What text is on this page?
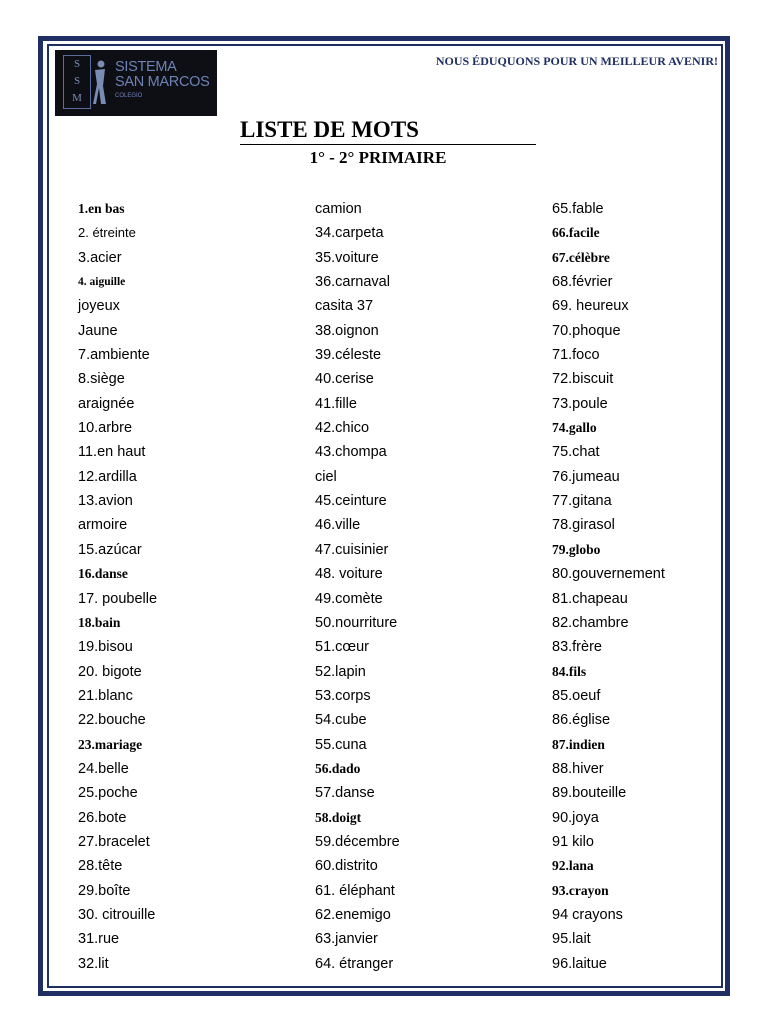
S
S
M
SISTEMA
SAN MARCOS
COLEGIO
NOUS ÉDUQUONS POUR UN MEILLEUR AVENIR!
LISTE DE MOTS
1° - 2° PRIMAIRE
1.en bas
2. étreinte
3.acier
4. aiguille
joyeux
Jaune
7.ambiente
8.siège
araignée
10.arbre
11.en haut
12.ardilla
13.avion
armoire
15.azúcar
16.danse
17. poubelle
18.bain
19.bisou
20. bigote
21.blanc
22.bouche
23.mariage
24.belle
25.poche
26.bote
27.bracelet
28.tête
29.boîte
30. citrouille
31.rue
32.lit
camion
34.carpeta
35.voiture
36.carnaval
casita 37
38.oignon
39.céleste
40.cerise
41.fille
42.chico
43.chompa
ciel
45.ceinture
46.ville
47.cuisinier
48. voiture
49.comète
50.nourriture
51.cœur
52.lapin
53.corps
54.cube
55.cuna
56.dado
57.danse
58.doigt
59.décembre
60.distrito
61. éléphant
62.enemigo
63.janvier
64. étranger
65.fable
66.facile
67.célèbre
68.février
69. heureux
70.phoque
71.foco
72.biscuit
73.poule
74.gallo
75.chat
76.jumeau
77.gitana
78.girasol
79.globo
80.gouvernement
81.chapeau
82.chambre
83.frère
84.fils
85.oeuf
86.église
87.indien
88.hiver
89.bouteille
90.joya
91 kilo
92.lana
93.crayon
94 crayons
95.lait
96.laitue
